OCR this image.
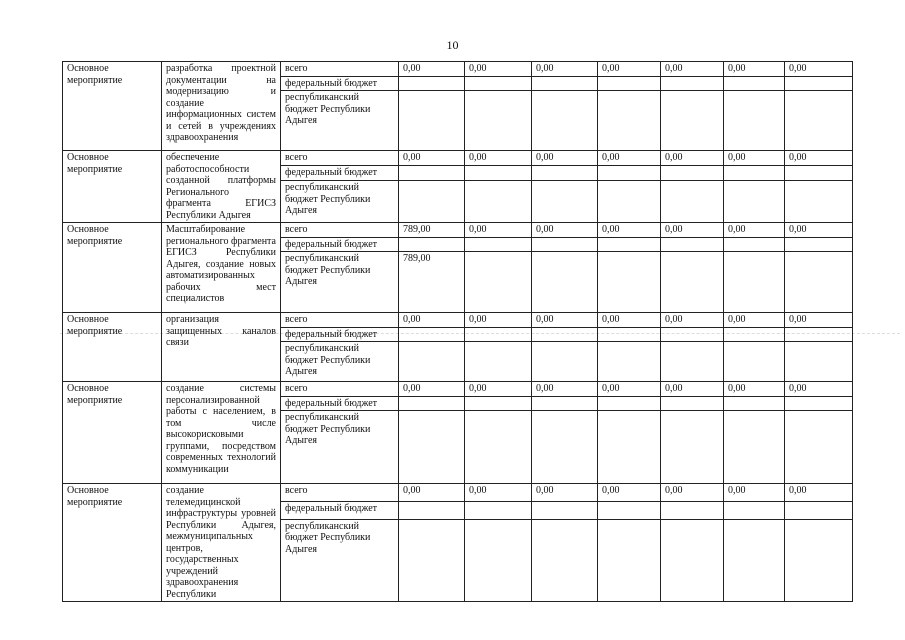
10
Основное мероприятие	разработка проектной документации на модернизацию и создание информационных систем и сетей в учреждениях здравоохранения	всего	0,00	0,00	0,00	0,00	0,00	0,00	0,00
		федеральный бюджет							
		республиканский бюджет Республики Адыгея							
Основное мероприятие	обеспечение работоспособности созданной платформы Регионального фрагмента ЕГИСЗ Республики Адыгея	всего	0,00	0,00	0,00	0,00	0,00	0,00	0,00
		федеральный бюджет							
		республиканский бюджет Республики Адыгея							
Основное мероприятие	Масштабирование регионального фрагмента ЕГИСЗ Республики Адыгея, создание новых автоматизированных рабочих мест специалистов	всего	789,00	0,00	0,00	0,00	0,00	0,00	0,00
		федеральный бюджет							
		республиканский бюджет Республики Адыгея	789,00						
Основное мероприятие	организация защищенных каналов связи	всего	0,00	0,00	0,00	0,00	0,00	0,00	0,00
		федеральный бюджет							
		республиканский бюджет Республики Адыгея							
Основное мероприятие	создание системы персонализированной работы с населением, в том числе высокорисковыми группами, посредством современных технологий коммуникации	всего	0,00	0,00	0,00	0,00	0,00	0,00	0,00
		федеральный бюджет							
		республиканский бюджет Республики Адыгея							
Основное мероприятие	создание телемедицинской инфраструктуры уровней Республики Адыгея, межмуниципальных центров, государственных учреждений здравоохранения Республики	всего	0,00	0,00	0,00	0,00	0,00	0,00	0,00
		федеральный бюджет							
		республиканский бюджет Республики Адыгея							
